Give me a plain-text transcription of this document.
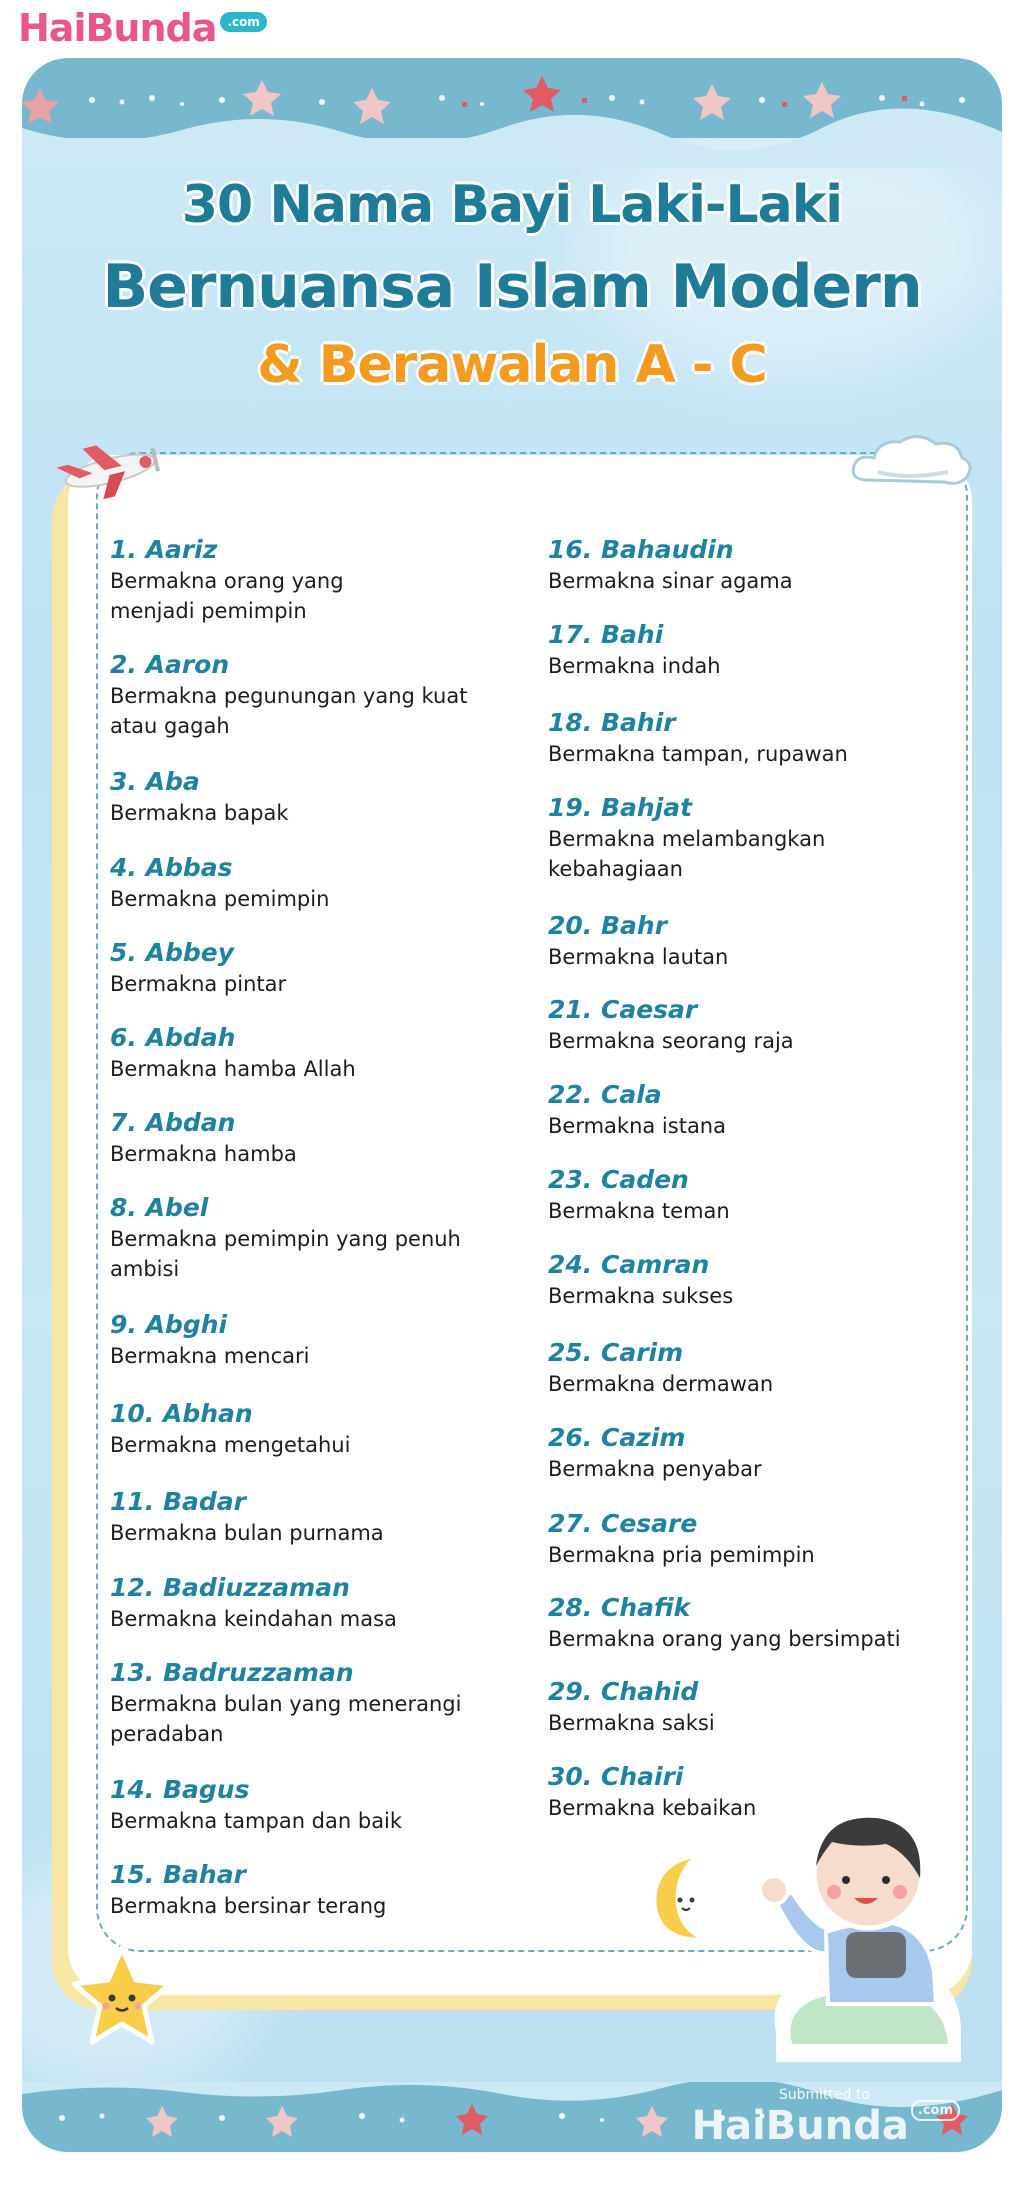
HaiBunda .com
30 Nama Bayi Laki-Laki
Bernuansa Islam Modern
& Berawalan A - C
1. Aariz
Bermakna orang yang
menjadi pemimpin
2. Aaron
Bermakna pegunungan yang kuat
atau gagah
3. Aba
Bermakna bapak
4. Abbas
Bermakna pemimpin
5. Abbey
Bermakna pintar
6. Abdah
Bermakna hamba Allah
7. Abdan
Bermakna hamba
8. Abel
Bermakna pemimpin yang penuh
ambisi
9. Abghi
Bermakna mencari
10. Abhan
Bermakna mengetahui
11. Badar
Bermakna bulan purnama
12. Badiuzzaman
Bermakna keindahan masa
13. Badruzzaman
Bermakna bulan yang menerangi
peradaban
14. Bagus
Bermakna tampan dan baik
15. Bahar
Bermakna bersinar terang
16. Bahaudin
Bermakna sinar agama
17. Bahi
Bermakna indah
18. Bahir
Bermakna tampan, rupawan
19. Bahjat
Bermakna melambangkan
kebahagiaan
20. Bahr
Bermakna lautan
21. Caesar
Bermakna seorang raja
22. Cala
Bermakna istana
23. Caden
Bermakna teman
24. Camran
Bermakna sukses
25. Carim
Bermakna dermawan
26. Cazim
Bermakna penyabar
27. Cesare
Bermakna pria pemimpin
28. Chafik
Bermakna orang yang bersimpati
29. Chahid
Bermakna saksi
30. Chairi
Bermakna kebaikan
Submitted to
HaiBunda $^{.com}$
